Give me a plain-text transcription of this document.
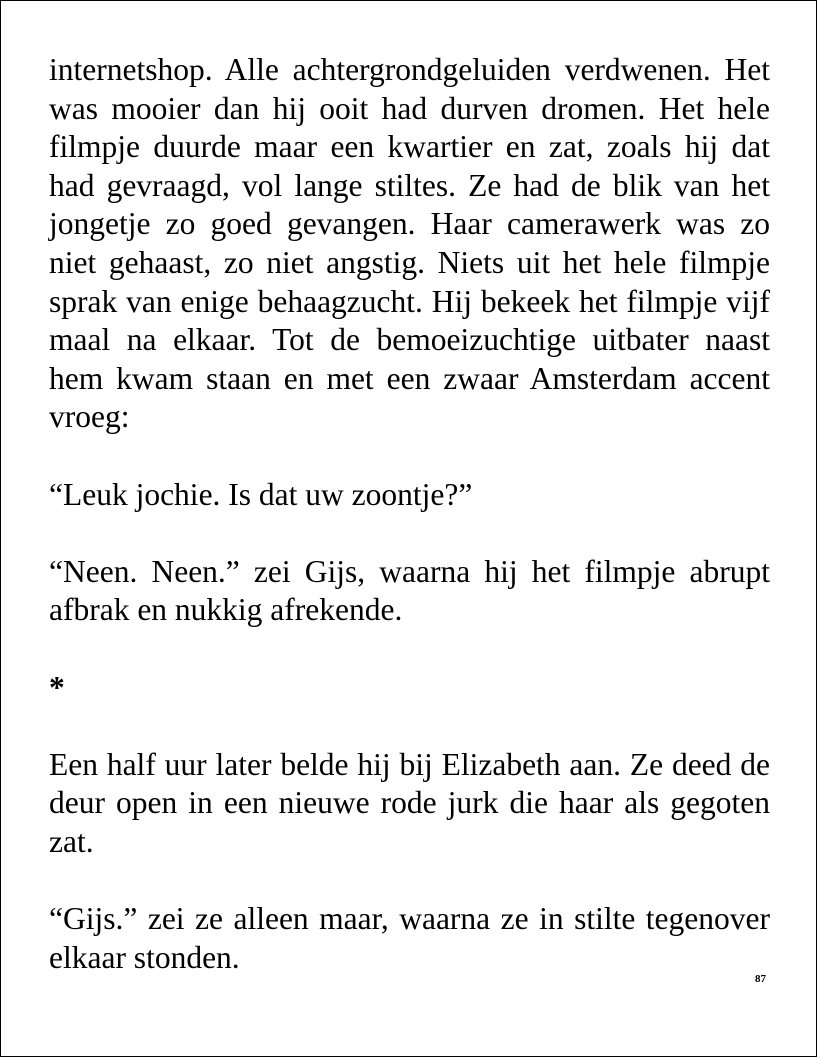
internetshop. Alle achtergrondgeluiden verdwenen. Het was mooier dan hij ooit had durven dromen. Het hele filmpje duurde maar een kwartier en zat, zoals hij dat had gevraagd, vol lange stiltes. Ze had de blik van het jongetje zo goed gevangen. Haar camerawerk was zo niet gehaast, zo niet angstig. Niets uit het hele filmpje sprak van enige behaagzucht. Hij bekeek het filmpje vijf maal na elkaar. Tot de bemoeizuchtige uitbater naast hem kwam staan en met een zwaar Amsterdam accent vroeg:

“Leuk jochie. Is dat uw zoontje?”

“Neen. Neen.” zei Gijs, waarna hij het filmpje abrupt afbrak en nukkig afrekende.

*

Een half uur later belde hij bij Elizabeth aan. Ze deed de deur open in een nieuwe rode jurk die haar als gegoten zat.

“Gijs.” zei ze alleen maar, waarna ze in stilte tegenover elkaar stonden.

87
